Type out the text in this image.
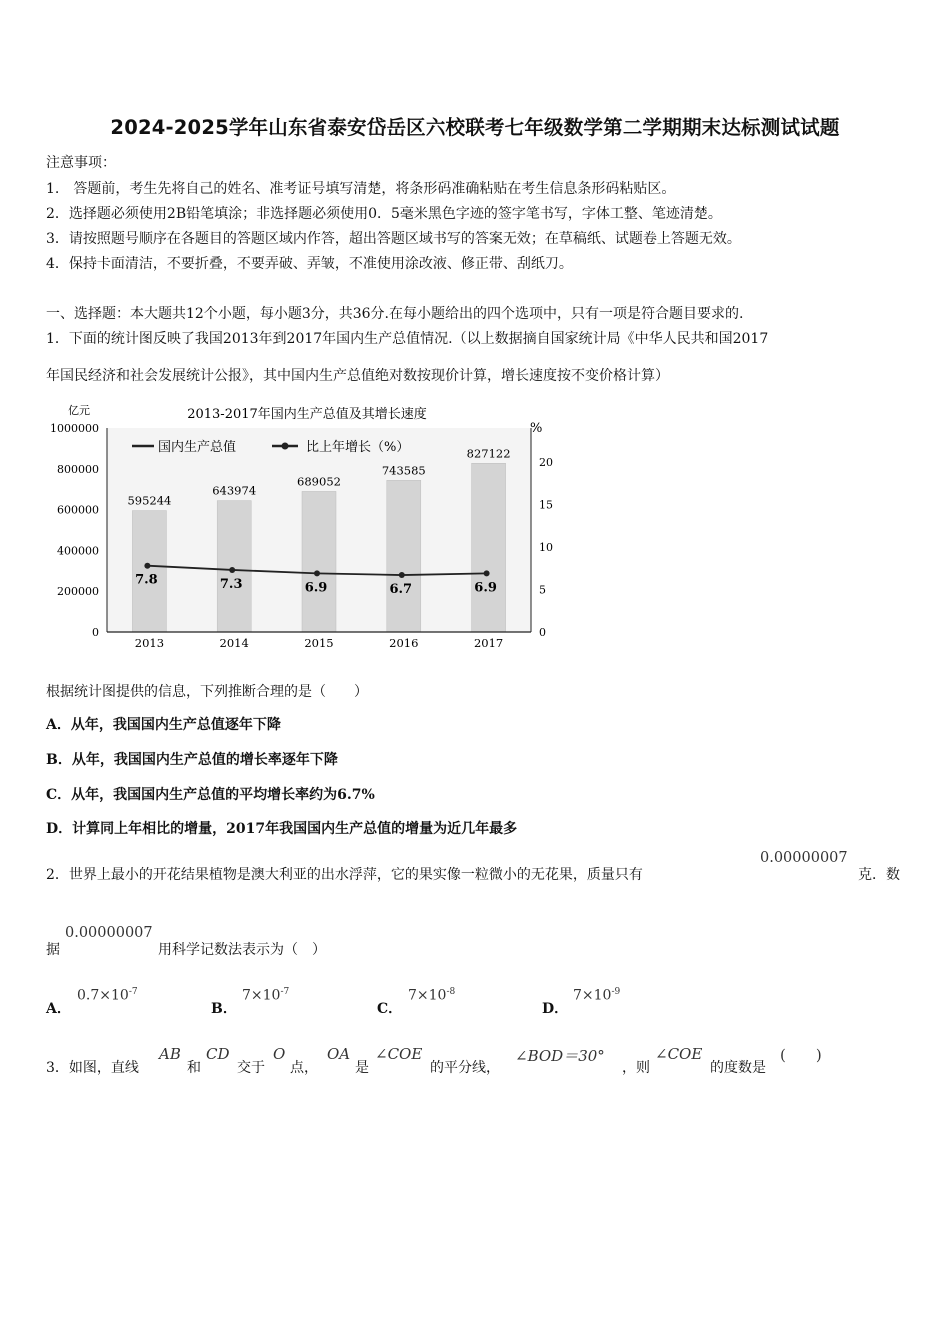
2024-2025学年山东省泰安岱岳区六校联考七年级数学第二学期期末达标测试试题
注意事项：
1.　答题前，考生先将自己的姓名、准考证号填写清楚，将条形码准确粘贴在考生信息条形码粘贴区。
2．选择题必须使用2B铅笔填涂；非选择题必须使用0．5毫米黑色字迹的签字笔书写，字体工整、笔迹清楚。
3．请按照题号顺序在各题目的答题区域内作答，超出答题区域书写的答案无效；在草稿纸、试题卷上答题无效。
4．保持卡面清洁，不要折叠，不要弄破、弄皱，不准使用涂改液、修正带、刮纸刀。
一、选择题：本大题共12个小题，每小题3分，共36分.在每小题给出的四个选项中，只有一项是符合题目要求的.
1．下面的统计图反映了我国2013年到2017年国内生产总值情况.（以上数据摘自国家统计局《中华人民共和国2017
年国民经济和社会发展统计公报》，其中国内生产总值绝对数按现价计算，增长速度按不变价格计算）
595244
643974
689052
743585
827122
7.8	7.3	6.9	6.7	6.9
0
200000
400000
600000
800000
1000000
0
5
10
15
20
2013	2014	2015	2016	2017
2013-2017年国内生产总值及其增长速度
亿元
%
国内生产总值	比上年增长（%）
根据统计图提供的信息，下列推断合理的是（　　）
A．从年，我国国内生产总值逐年下降
B．从年，我国国内生产总值的增长率逐年下降
C．从年，我国国内生产总值的平均增长率约为6.7%
D．计算同上年相比的增量，2017年我国国内生产总值的增量为近几年最多
2．世界上最小的开花结果植物是澳大利亚的出水浮萍，它的果实像一粒微小的无花果，质量只有
0.00000007
克．数
据
0.00000007
用科学记数法表示为（　）
A．
$0.7\times 10^{-7}$
B．
$7\times 10^{-7}$
C．
$7\times 10^{-8}$
D．
$7\times 10^{-9}$
3．如图，直线
AB
和
CD
交于
O
点，
OA
是
∠COE
的平分线，
∠BOD＝30°
，则
∠COE
的度数是
(　　)
